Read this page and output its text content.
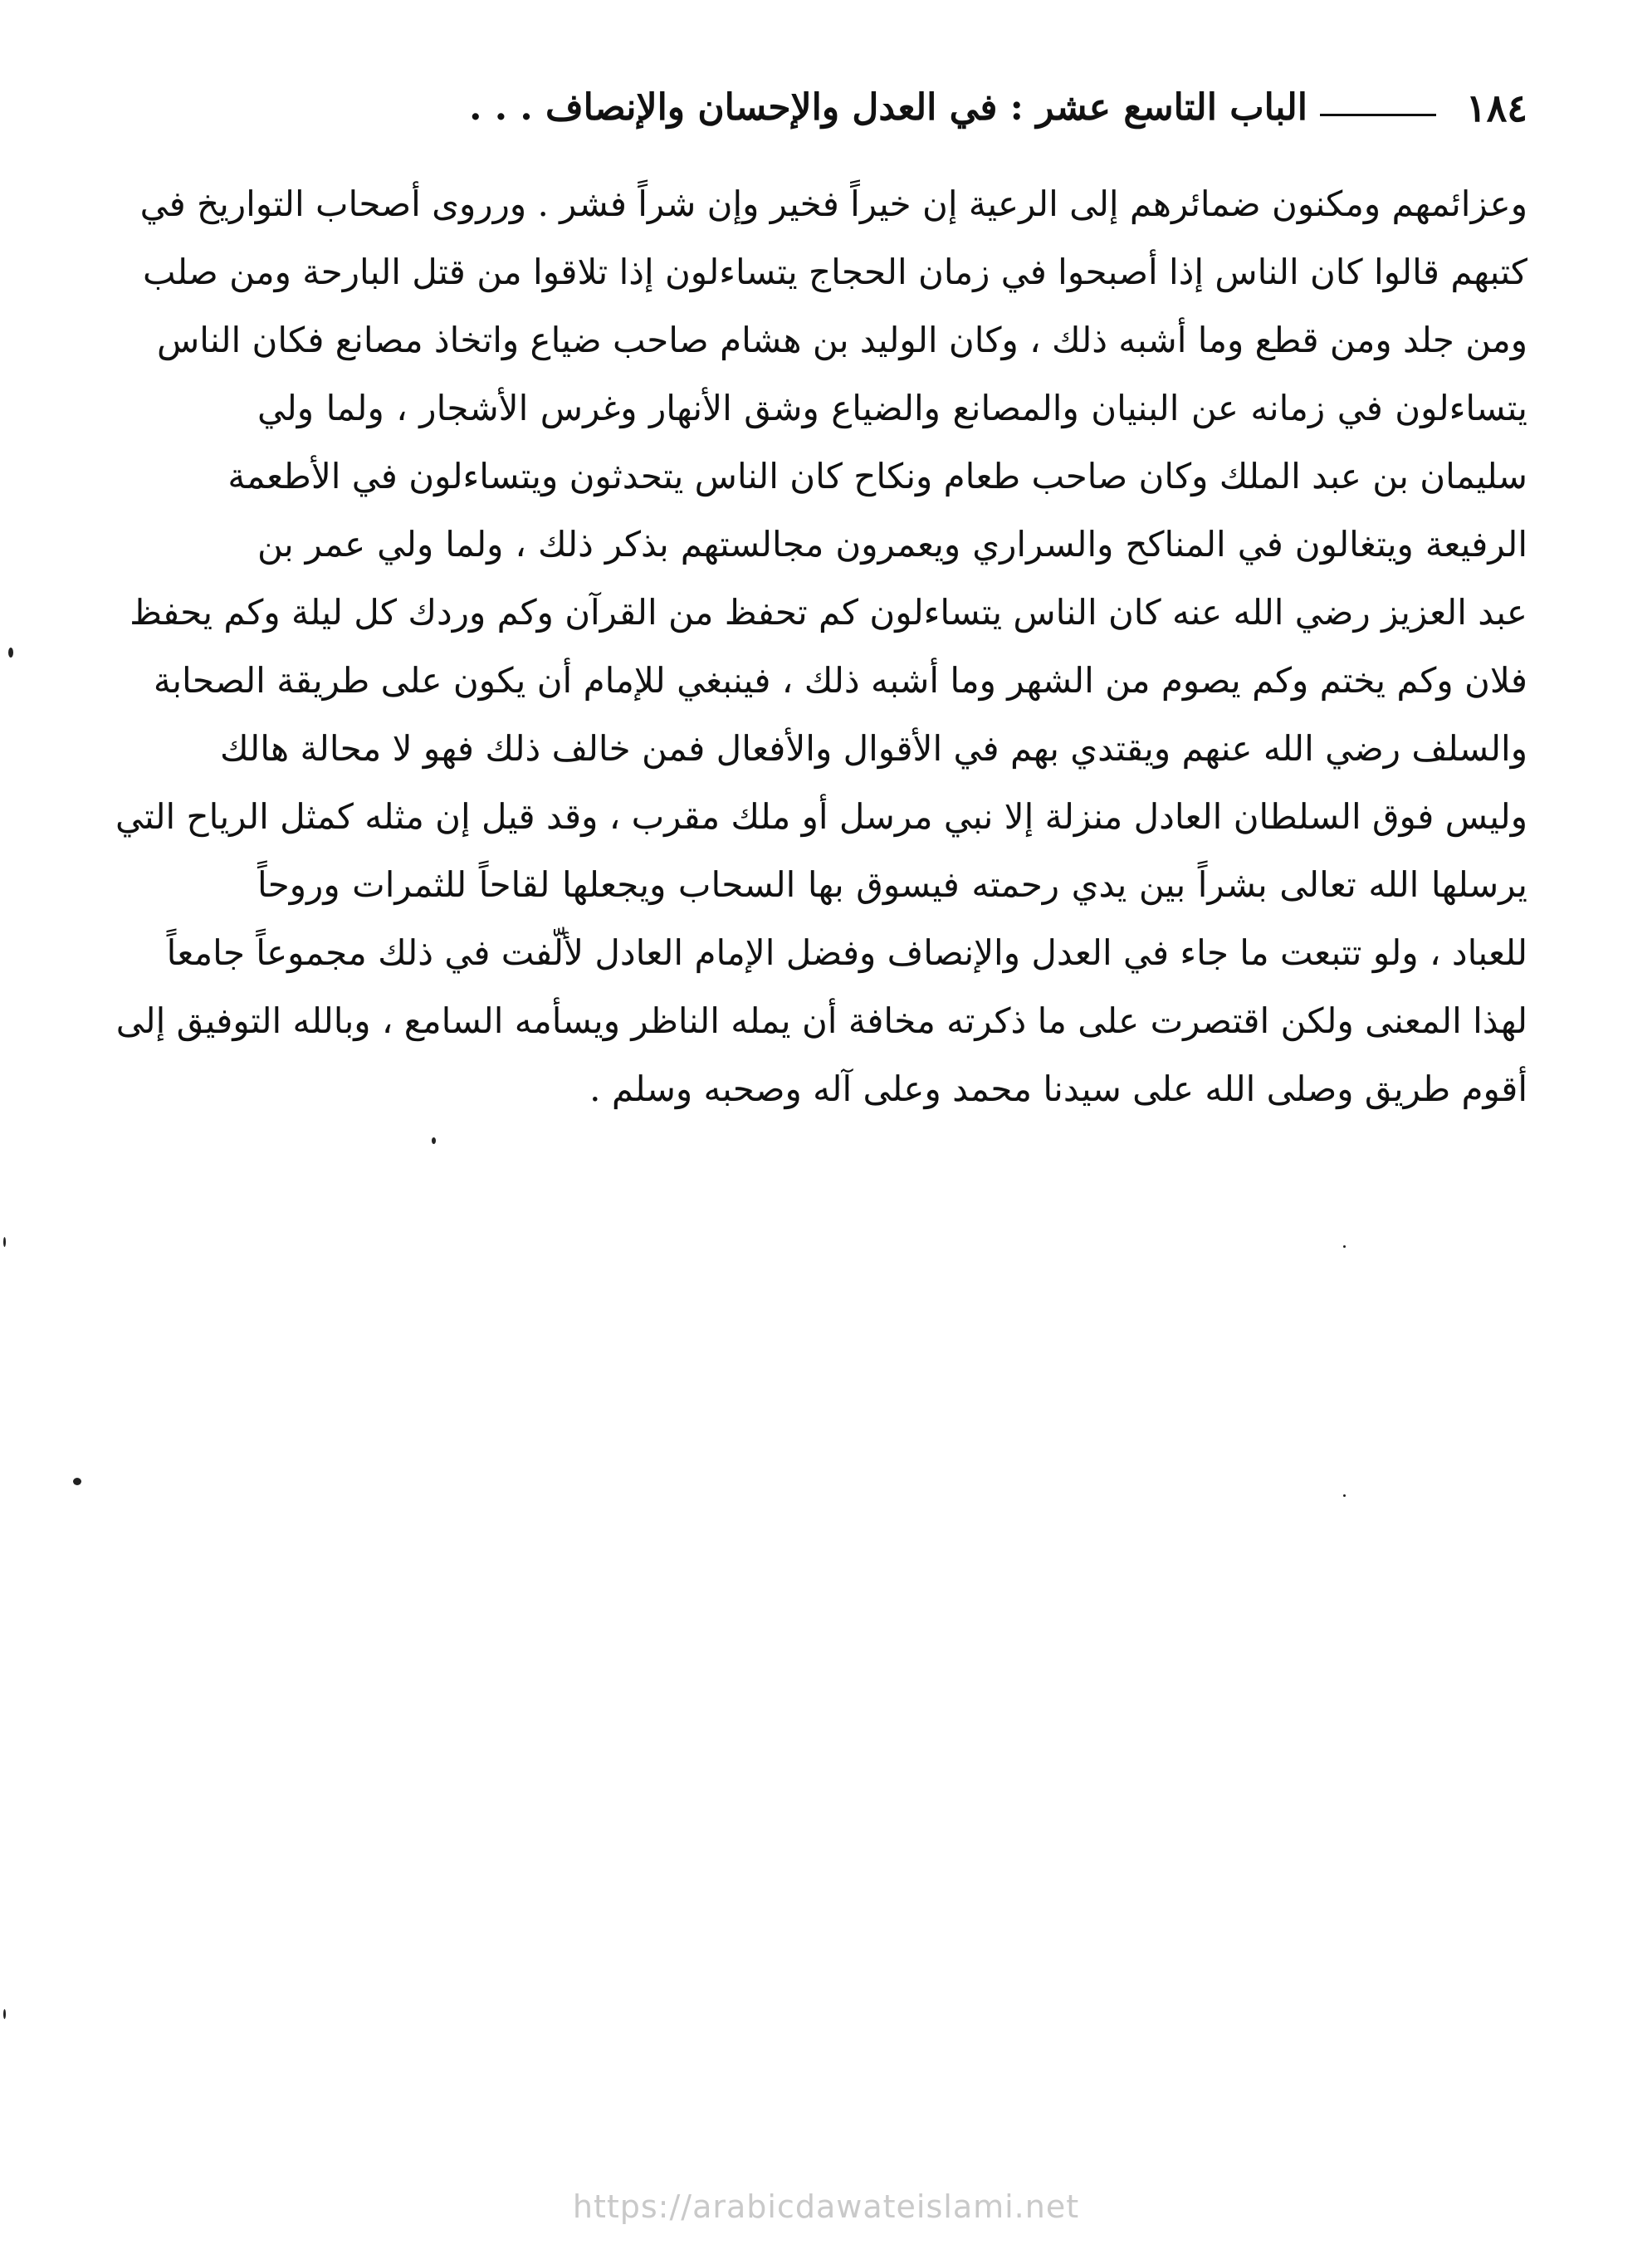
١٨٤
الباب التاسع عشر : في العدل والإحسان والإنصاف . . .
وعزائمهم ومكنون ضمائرهم إلى الرعية إن خيراً فخير وإن شراً فشر . ورروى أصحاب التواريخ في
كتبهم قالوا كان الناس إذا أصبحوا في زمان الحجاج يتساءلون إذا تلاقوا من قتل البارحة ومن صلب
ومن جلد ومن قطع وما أشبه ذلك ، وكان الوليد بن هشام صاحب ضياع واتخاذ مصانع فكان الناس
يتساءلون في زمانه عن البنيان والمصانع والضياع وشق الأنهار وغرس الأشجار ، ولما ولي
سليمان بن عبد الملك وكان صاحب طعام ونكاح كان الناس يتحدثون ويتساءلون في الأطعمة
الرفيعة ويتغالون في المناكح والسراري ويعمرون مجالستهم بذكر ذلك ، ولما ولي عمر بن
عبد العزيز رضي الله عنه كان الناس يتساءلون كم تحفظ من القرآن وكم وردك كل ليلة وكم يحفظ
فلان وكم يختم وكم يصوم من الشهر وما أشبه ذلك ، فينبغي للإمام أن يكون على طريقة الصحابة
والسلف رضي الله عنهم ويقتدي بهم في الأقوال والأفعال فمن خالف ذلك فهو لا محالة هالك
وليس فوق السلطان العادل منزلة إلا نبي مرسل أو ملك مقرب ، وقد قيل إن مثله كمثل الرياح التي
يرسلها الله تعالى بشراً بين يدي رحمته فيسوق بها السحاب ويجعلها لقاحاً للثمرات وروحاً
للعباد ، ولو تتبعت ما جاء في العدل والإنصاف وفضل الإمام العادل لألّفت في ذلك مجموعاً جامعاً
لهذا المعنى ولكن اقتصرت على ما ذكرته مخافة أن يمله الناظر ويسأمه السامع ، وبالله التوفيق إلى
أقوم طريق وصلى الله على سيدنا محمد وعلى آله وصحبه وسلم .
https://arabicdawateislami.net
